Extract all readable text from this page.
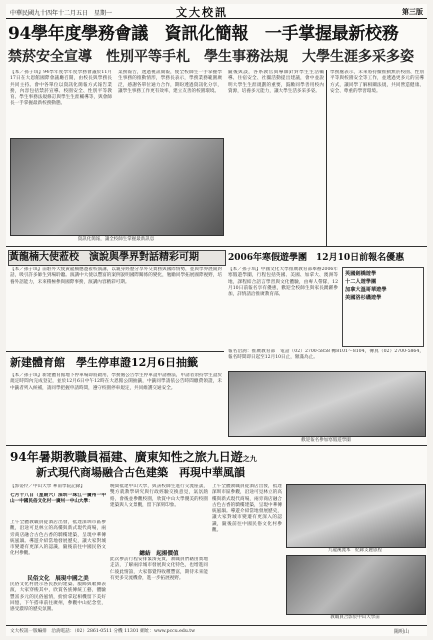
中華民國九十四年十二月五日　星期一	文大校訊	第三版
94學年度學務會議　資訊化簡報　一手掌握最新校務
禁菸安全宣導　性別平等手札　學生事務法規　大學生涯多采多姿
【本／孫子琪】94學年度學年度學務會議於11月17日在大恩館國際會議廳召開，由校長與學務長共同主持。會中各單位以資訊化簡報方式報告業務，內容包括禁菸宣導、校園安全、性別平等教育、學生事務法規修訂與學生生涯輔導等，與會師長一手掌握最新校務動態。
資訊化簡報，讓全校師生掌握最新訊息
業務報告，透過視訊簡報，使全校師生一手掌握學生事務的推動情形，學務長表示，學務業務範圍廣泛，感謝各單位通力合作，期盼透過資訊化分享，讓學生事務工作更有效率，建立友善的校園環境。
隨後與談，各系教官與導師針對學生生活輔導、住宿安全、社團活動提出建議，會中並說明大學生生涯規劃的重要，鼓勵同學善用校內資源，培養多元能力，讓大學生活多采多姿。
學務處表示，未來將持續推動無菸校園、性別平等與校園安全等工作，並透過更多元的宣導方式，讓同學了解相關法規，共同營造健康、安全、尊重的學習環境。
黃龍楠大使蒞校　演說與學界對話精彩可期
【本／孫子琪】前駐外大使黃龍楠應邀蒞校演講，以親身經歷分享外交實務與國際情勢，並與學界展開對話，吸引許多師生到場聆聽。演講中大使以豐富的案例說明國際關係的變化，勉勵同學拓展國際視野，培養外語能力，未來積極參與國際事務，演講內容精彩可期。
新建體育館　學生停車證12月6日抽籤
【本／孫子琪】新建體育館地下停車場即將啟用，學務處公告學生停車證申請辦法，申請者須持學生證於規定時間內完成登記，並於12月6日中午12時在大恩館公開抽籤，中籤同學請依公告時間繳費領證，未中籤者列入候補，請同學把握申請時間，遵守校園停車規定，共同維護交通安全。
2006年寒假遊學團　12月10日前報名優惠
【本／孫子琪】中國文化大學推廣教育部舉辦2006年寒假遊學團，行程包括英國、美國、加拿大、澳洲等地，課程結合語言學習與文化體驗，由專人帶隊，12月10日前報名享有優惠，歡迎全校師生與家長踴躍參加，詳情請洽推廣教育部。
英國劍橋遊學
十二人遊學團
加拿大溫哥華遊學
美國洛杉磯遊學
報名洽詢：推廣教育部　電話（02）2700-5858 轉8101～8104，傳真（02）2700-5864，報名時間即日起至12月10日止，額滿為止。
歡迎報名參加寒假遊學團
94年暑期教職員福建、廣東知性之旅九日遊之九
新式現代商場融合古色建築　再現中華風韻
【郭姿伶／中山大學 華南學院記錄】
七月十八日（星期六）深圳一珠江一廣州一中山一中國民俗文化村一廣州一中山大學：
上午全體教職員從酒店出發，抵達深圳市區參觀，沿途可見林立的高樓與新式現代商場，兩旁商店融合古色古香的騎樓建築，呈現中華傳統風韻。導遊介紹當地發展歷史，讓大家對城市變遷有更深入的認識，隨後前往中國民俗文化村參觀。
民俗文化　展現中國之美
民俗文化村展示各民族的建築、服飾與歌舞表演，大家穿梭其中，欣賞各族傳統工藝，體驗豐富多元的民俗風情，紛紛拿起相機留下美好回憶，下午搭車前往廣州，參觀中山紀念堂，感受濃厚的歷史氛圍。
晚間抵達中山大學，與該校師生進行交流座談，雙方就教學研究與行政經驗交換意見，氣氛熱絡，會後並參觀校園，欣賞中山大學優美的校園建築與人文景觀，留下深刻印象。
總結　起揚價值
此次參訪行程安排緊湊充實，教職員們藉由實地走訪，了解兩岸城市發展與文化特色，也增進同仁彼此情誼，大家都覺得收穫豐富，期待未來能有更多交流機會，進一步拓展視野。
上午全體教職員從酒店出發，抵達深圳市區參觀，沿途可見林立的高樓與新式現代商場，兩旁商店融合古色古香的騎樓建築，呈現中華傳統風韻。導遊介紹當地發展歷史，讓大家對城市變遷有更深入的認識，隨後前往中國民俗文化村參觀。
九龍溪流本　紀錄支麗旅程
教職員合影於中山大學前
文大校訊一版編排　洽詢電話：（02）2861-0511 分機 11301 網址：www.pccu.edu.tw	陽明山
